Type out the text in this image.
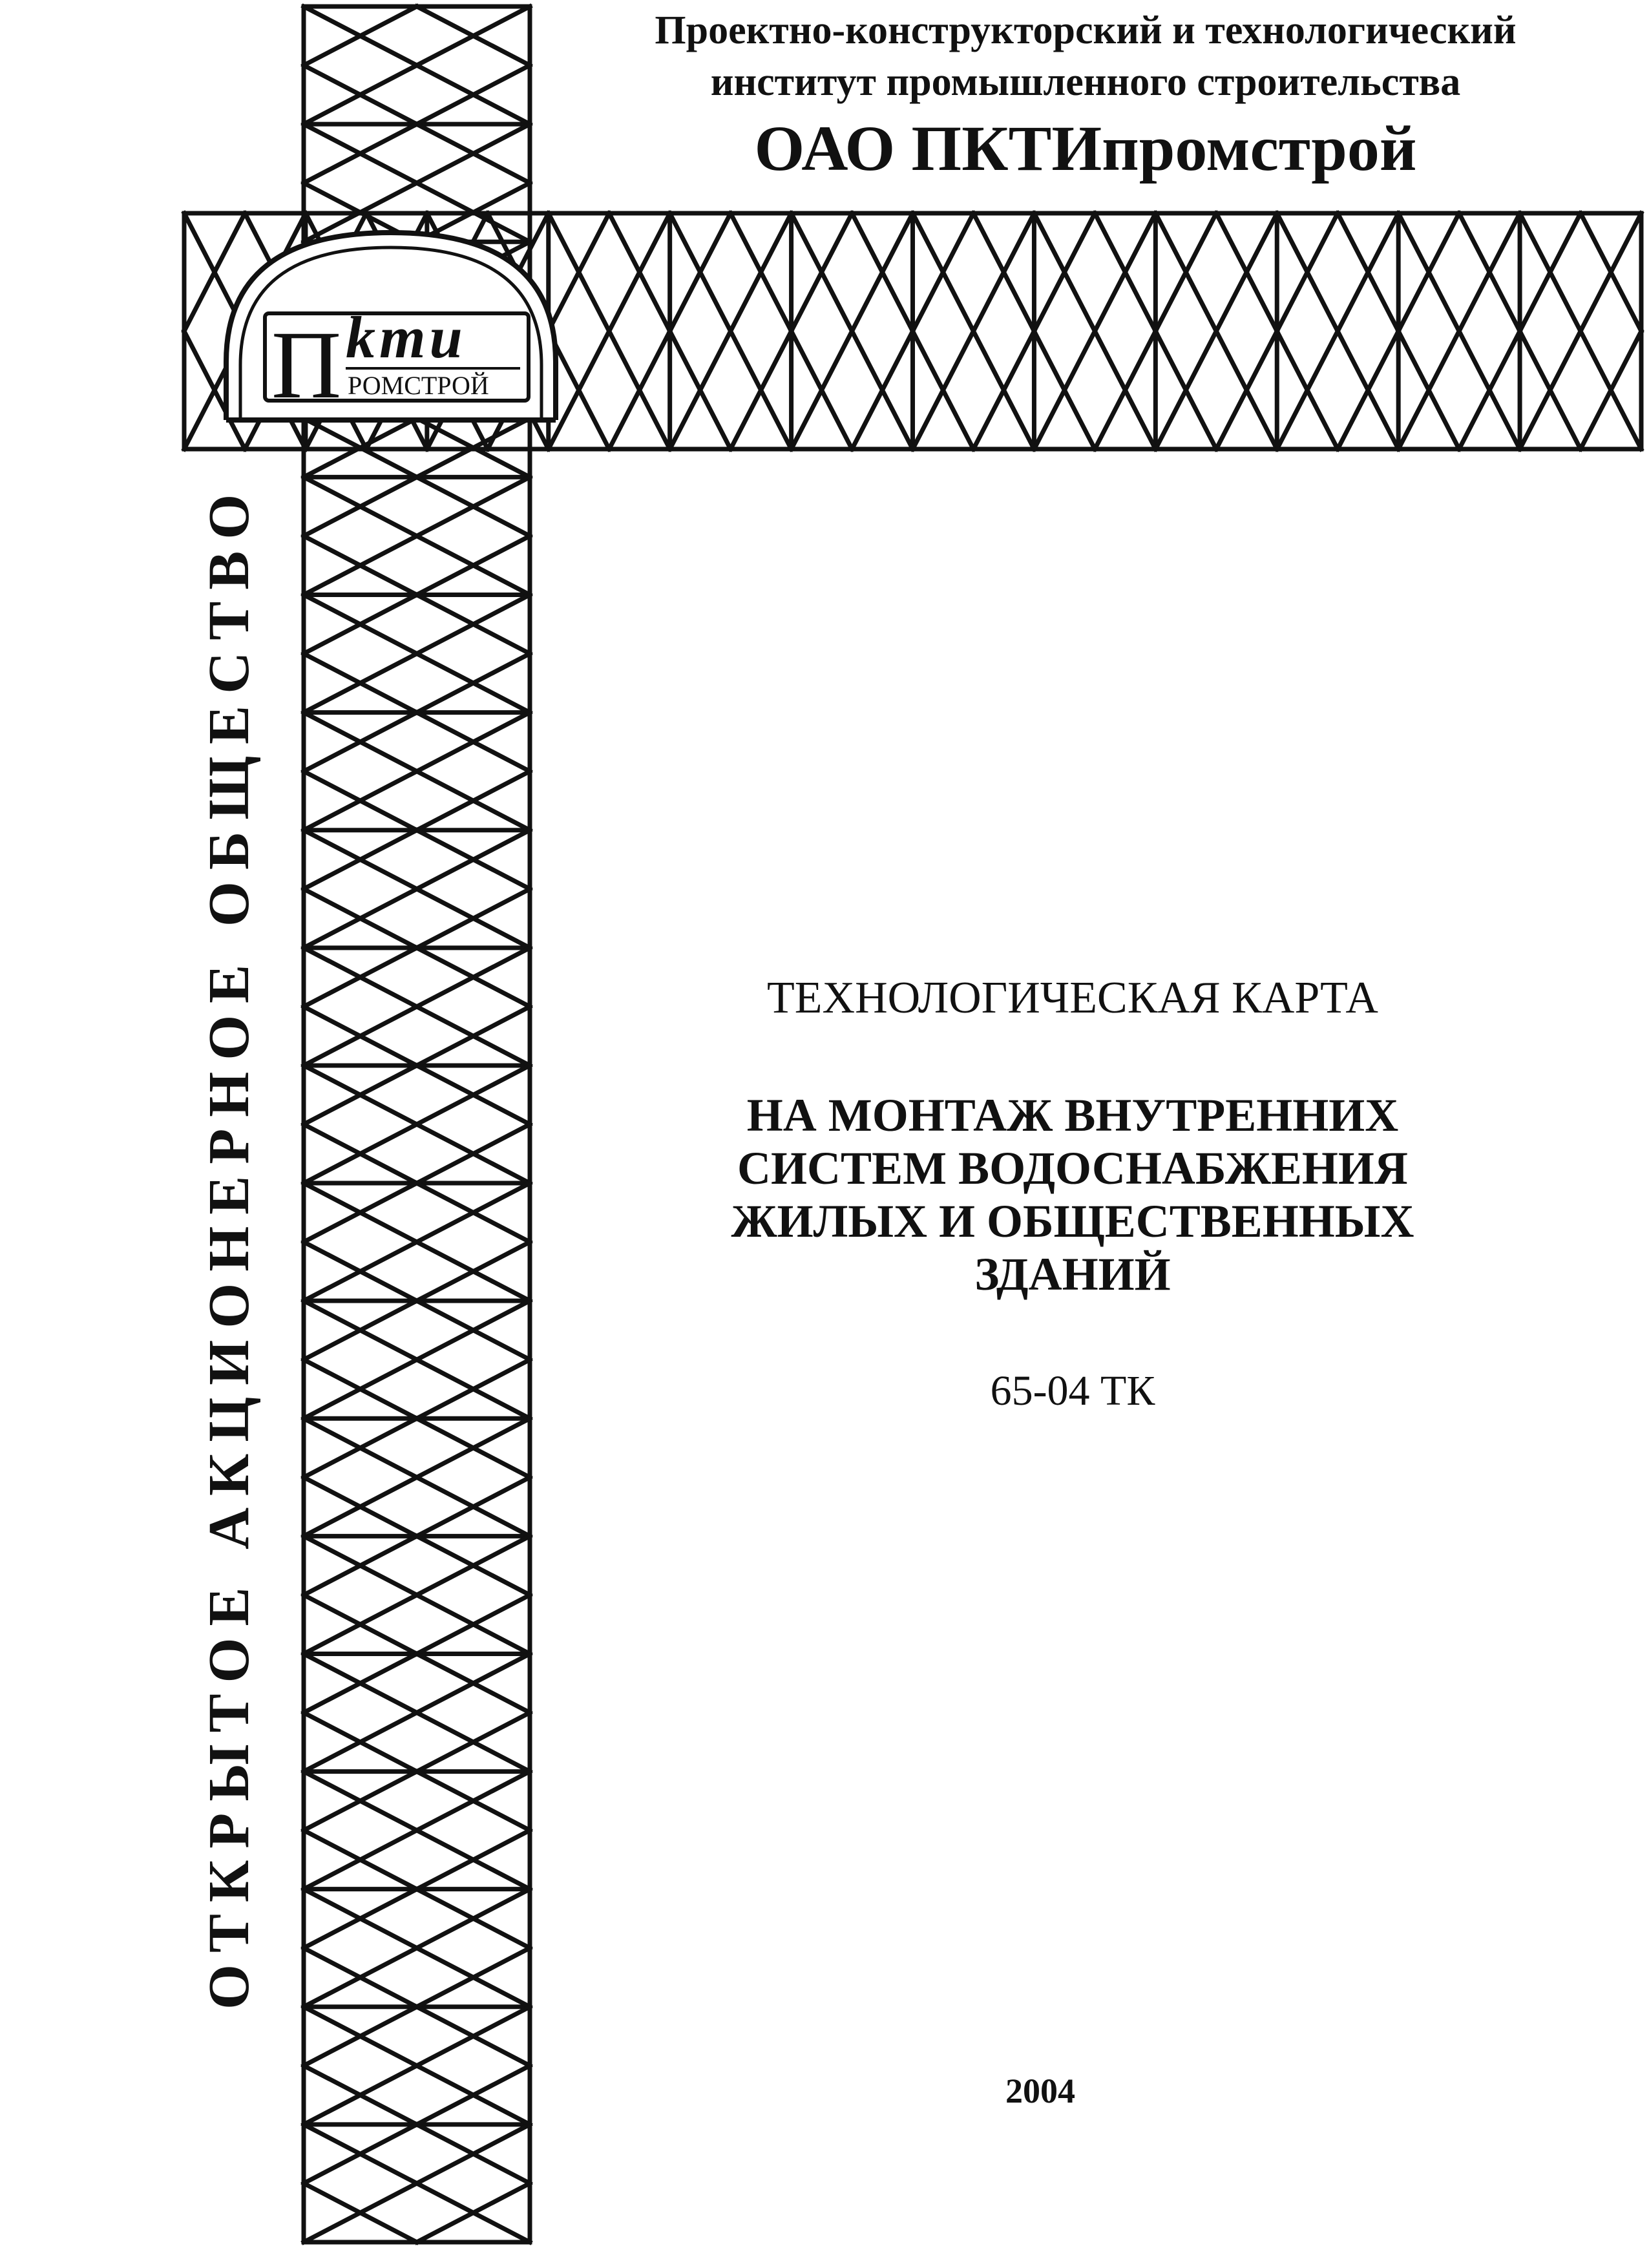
П kти
РОМСТРОЙ
Проектно-конструкторский и технологический
институт промышленного строительства
ОАО ПКТИпромстрой
ОТКРЫТОЕ АКЦИОНЕРНОЕ ОБЩЕСТВО	ТЕХНОЛОГИЧЕСКАЯ КАРТА
НА МОНТАЖ ВНУТРЕННИХ
СИСТЕМ ВОДОСНАБЖЕНИЯ
ЖИЛЫХ И ОБЩЕСТВЕННЫХ
ЗДАНИЙ
65-04 ТК
2004
